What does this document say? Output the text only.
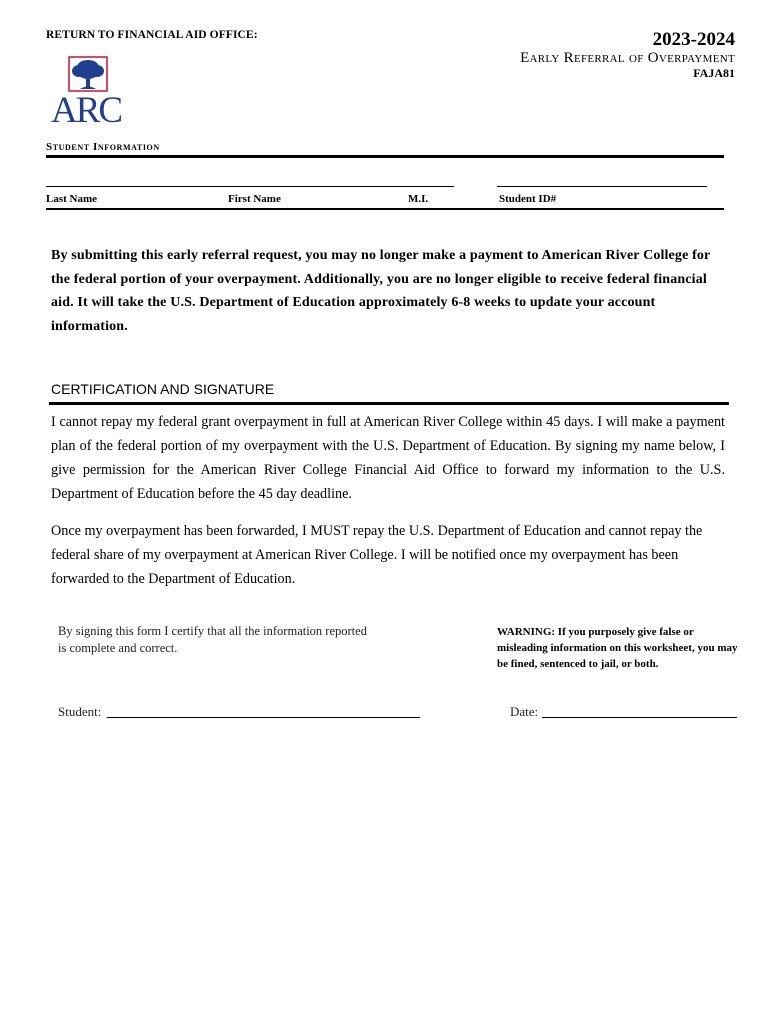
RETURN TO FINANCIAL AID OFFICE:	2023-2024
Early Referral of Overpayment
FAJA81
ARC
Student Information
Last Name	First Name	M.I.	Student ID#
By submitting this early referral request, you may no longer make a payment to American River College for the federal portion of your overpayment. Additionally, you are no longer eligible to receive federal financial aid. It will take the U.S. Department of Education approximately 6-8 weeks to update your account information.
CERTIFICATION AND SIGNATURE
I cannot repay my federal grant overpayment in full at American River College within 45 days. I will make a payment plan of the federal portion of my overpayment with the U.S. Department of Education. By signing my name below, I give permission for the American River College Financial Aid Office to forward my information to the U.S. Department of Education before the 45 day deadline.
Once my overpayment has been forwarded, I MUST repay the U.S. Department of Education and cannot repay the federal share of my overpayment at American River College. I will be notified once my overpayment has been forwarded to the Department of Education.
By signing this form I certify that all the information reported is complete and correct.
WARNING: If you purposely give false or misleading information on this worksheet, you may be fined, sentenced to jail, or both.
Student:	Date:
